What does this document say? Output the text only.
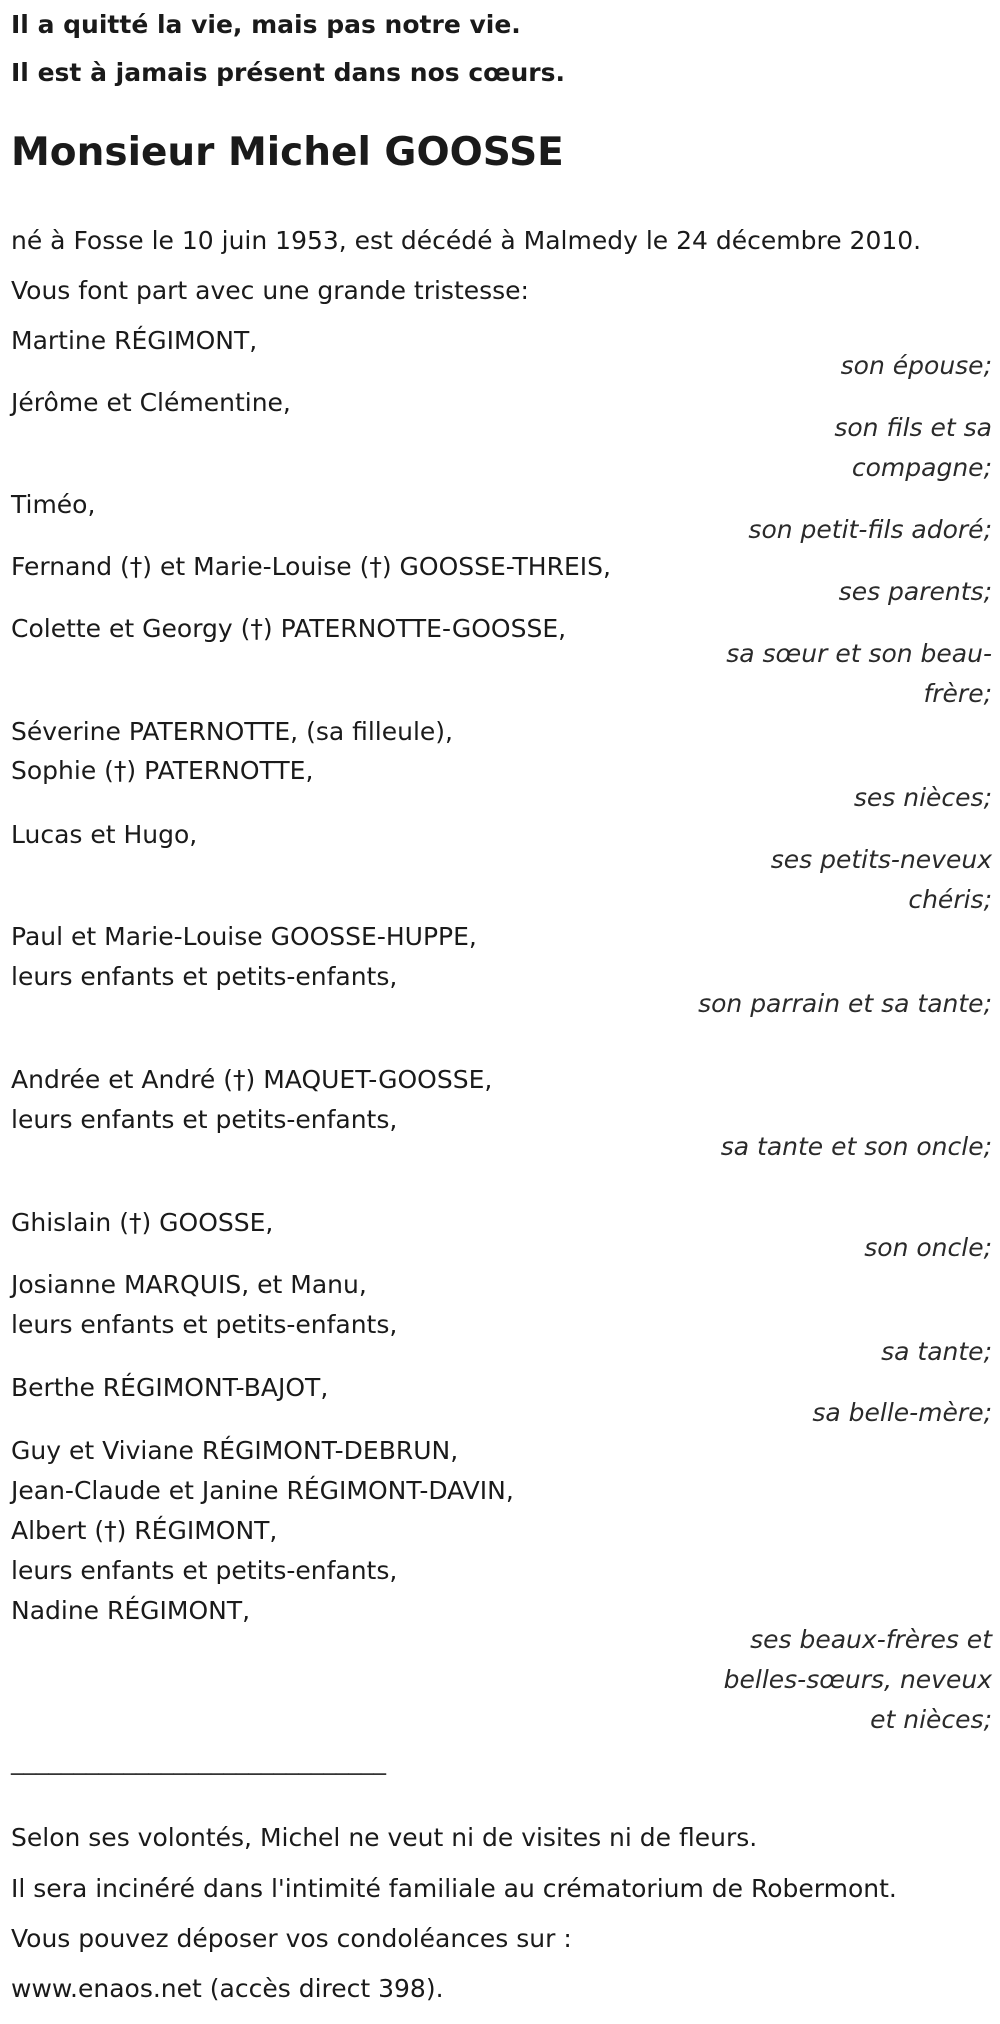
Il a quitté la vie, mais pas notre vie.
Il est à jamais présent dans nos cœurs.
Monsieur Michel GOOSSE
né à Fosse le 10 juin 1953, est décédé à Malmedy le 24 décembre 2010.
Vous font part avec une grande tristesse:
Martine RÉGIMONT,
son épouse;
Jérôme et Clémentine,
son fils et sa compagne;
Timéo,
son petit-fils adoré;
Fernand (†) et Marie-Louise (†) GOOSSE-THREIS,
ses parents;
Colette et Georgy (†) PATERNOTTE-GOOSSE,
sa sœur et son beau-frère;
Séverine PATERNOTTE, (sa filleule),
Sophie (†) PATERNOTTE,
ses nièces;
Lucas et Hugo,
ses petits-neveux chéris;
Paul et Marie-Louise GOOSSE-HUPPE,
leurs enfants et petits-enfants,
son parrain et sa tante;
Andrée et André (†) MAQUET-GOOSSE,
leurs enfants et petits-enfants,
sa tante et son oncle;
Ghislain (†) GOOSSE,
son oncle;
Josianne MARQUIS, et Manu,
leurs enfants et petits-enfants,
sa tante;
Berthe RÉGIMONT-BAJOT,
sa belle-mère;
Guy et Viviane RÉGIMONT-DEBRUN,
Jean-Claude et Janine RÉGIMONT-DAVIN,
Albert (†) RÉGIMONT,
leurs enfants et petits-enfants,
Nadine RÉGIMONT,
ses beaux-frères et belles-sœurs, neveux et nièces;
______________________________
Selon ses volontés, Michel ne veut ni de visites ni de fleurs.
Il sera inciné́ré dans l'intimité familiale au crématorium de Robermont.
Vous pouvez déposer vos condoléances sur :
www.enaos.net (accès direct 398).
